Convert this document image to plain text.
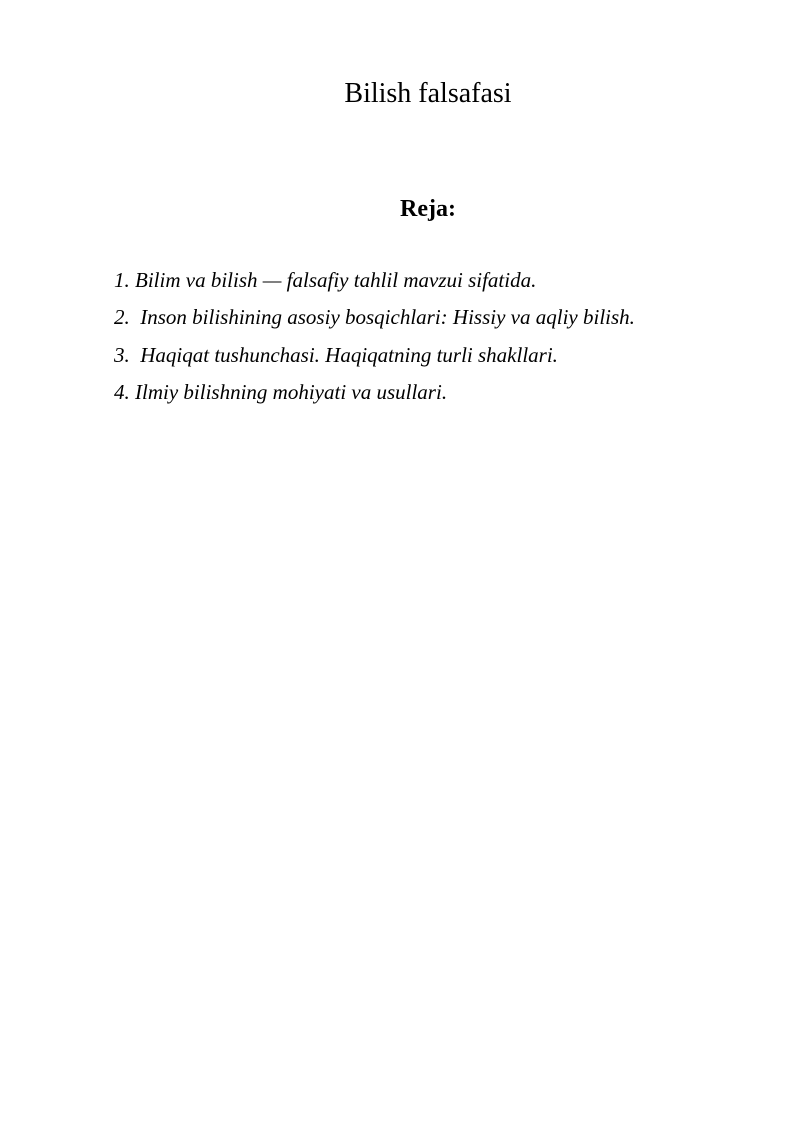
Bilish falsafasi
Reja:
1. Bilim va bilish — falsafiy tahlil mavzui sifatida.
2.  Inson bilishining asosiy bosqichlari: Hissiy va aqliy bilish.
3.  Haqiqat tushunchasi. Haqiqatning turli shakllari.
4. Ilmiy bilishning mohiyati va usullari.
